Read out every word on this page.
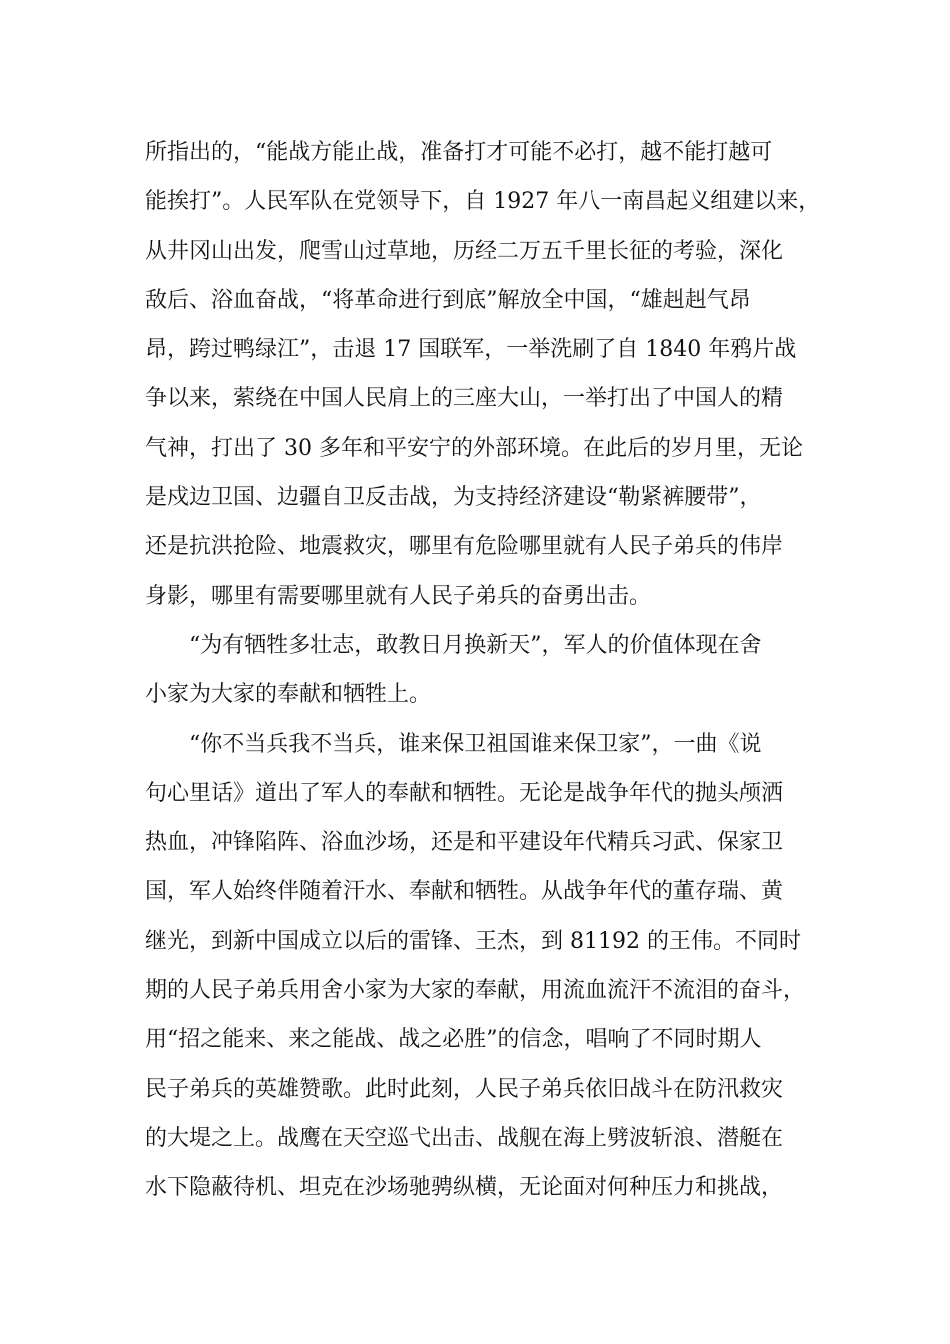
所指出的，“能战方能止战，准备打才可能不必打，越不能打越可
能挨打”。人民军队在党领导下，自 1927 年八一南昌起义组建以来，
从井冈山出发，爬雪山过草地，历经二万五千里长征的考验，深化
敌后、浴血奋战，“将革命进行到底”解放全中国，“雄赳赳气昂
昂，跨过鸭绿江”，击退 17 国联军，一举洗刷了自 1840 年鸦片战
争以来，萦绕在中国人民肩上的三座大山，一举打出了中国人的精
气神，打出了 30 多年和平安宁的外部环境。在此后的岁月里，无论
是戍边卫国、边疆自卫反击战，为支持经济建设“勒紧裤腰带”，
还是抗洪抢险、地震救灾，哪里有危险哪里就有人民子弟兵的伟岸
身影，哪里有需要哪里就有人民子弟兵的奋勇出击。
“为有牺牲多壮志，敢教日月换新天”，军人的价值体现在舍
小家为大家的奉献和牺牲上。
“你不当兵我不当兵，谁来保卫祖国谁来保卫家”，一曲《说
句心里话》道出了军人的奉献和牺牲。无论是战争年代的抛头颅洒
热血，冲锋陷阵、浴血沙场，还是和平建设年代精兵习武、保家卫
国，军人始终伴随着汗水、奉献和牺牲。从战争年代的董存瑞、黄
继光，到新中国成立以后的雷锋、王杰，到 81192 的王伟。不同时
期的人民子弟兵用舍小家为大家的奉献，用流血流汗不流泪的奋斗，
用“招之能来、来之能战、战之必胜”的信念，唱响了不同时期人
民子弟兵的英雄赞歌。此时此刻，人民子弟兵依旧战斗在防汛救灾
的大堤之上。战鹰在天空巡弋出击、战舰在海上劈波斩浪、潜艇在
水下隐蔽待机、坦克在沙场驰骋纵横，无论面对何种压力和挑战，
